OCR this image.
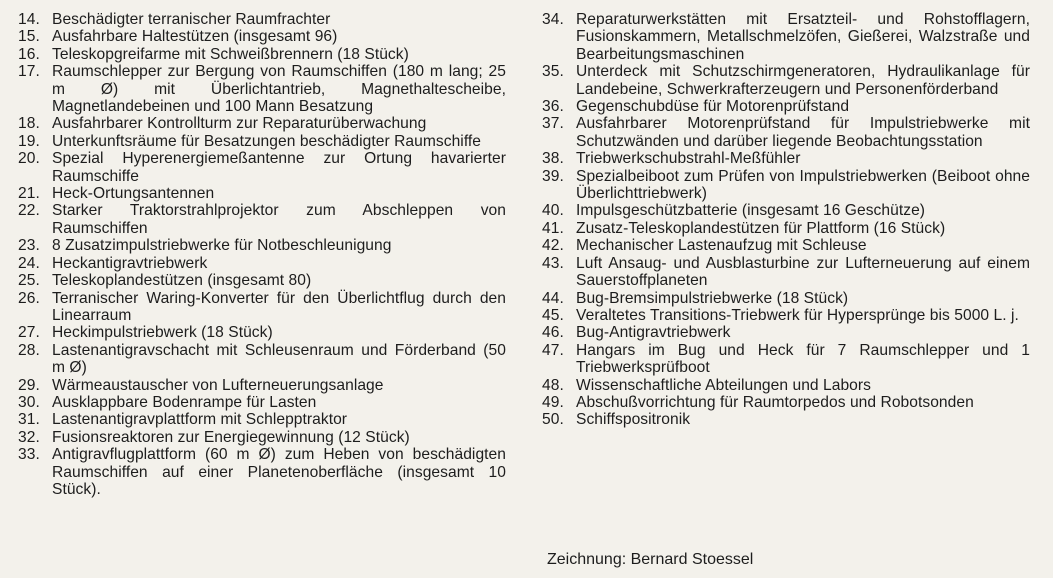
14. Beschädigter terranischer Raumfrachter
15. Ausfahrbare Haltestützen (insgesamt 96)
16. Teleskopgreifarme mit Schweißbrennern (18 Stück)
17. Raumschlepper zur Bergung von Raumschiffen (180 m lang; 25 m Ø) mit Überlichtantrieb, Magnethaltescheibe, Magnetlandebeinen und 100 Mann Besatzung
18. Ausfahrbarer Kontrollturm zur Reparaturüberwachung
19. Unterkunftsräume für Besatzungen beschädigter Raumschiffe
20. Spezial Hyperenergiemeßantenne zur Ortung havarierter Raumschiffe
21. Heck-Ortungsantennen
22. Starker Traktorstrahlprojektor zum Abschleppen von Raumschiffen
23. 8 Zusatzimpulstriebwerke für Notbeschleunigung
24. Heckantigravtriebwerk
25. Teleskoplandestützen (insgesamt 80)
26. Terranischer Waring-Konverter für den Überlichtflug durch den Linearraum
27. Heckimpulstriebwerk (18 Stück)
28. Lastenantigravschacht mit Schleusenraum und Förderband (50 m Ø)
29. Wärmeaustauscher von Lufterneuerungsanlage
30. Ausklappbare Bodenrampe für Lasten
31. Lastenantigravplattform mit Schlepptraktor
32. Fusionsreaktoren zur Energiegewinnung (12 Stück)
33. Antigravflugplattform (60 m Ø) zum Heben von beschädigten Raumschiffen auf einer Planetenoberfläche (insgesamt 10 Stück).
34. Reparaturwerkstätten mit Ersatzteil- und Rohstofflagern, Fusionskammern, Metallschmelzöfen, Gießerei, Walzstraße und Bearbeitungsmaschinen
35. Unterdeck mit Schutzschirmgeneratoren, Hydraulikanlage für Landebeine, Schwerkrafterzeugern und Personenförderband
36. Gegenschubdüse für Motorenprüfstand
37. Ausfahrbarer Motorenprüfstand für Impulstriebwerke mit Schutzwänden und darüber liegende Beobachtungsstation
38. Triebwerkschubstrahl-Meßfühler
39. Spezialbeiboot zum Prüfen von Impulstriebwerken (Beiboot ohne Überlichttriebwerk)
40. Impulsgeschützbatterie (insgesamt 16 Geschütze)
41. Zusatz-Teleskoplandestützen für Plattform (16 Stück)
42. Mechanischer Lastenaufzug mit Schleuse
43. Luft Ansaug- und Ausblasturbine zur Lufterneuerung auf einem Sauerstoffplaneten
44. Bug-Bremsimpulstriebwerke (18 Stück)
45. Veraltetes Transitions-Triebwerk für Hypersprünge bis 5000 L. j.
46. Bug-Antigravtriebwerk
47. Hangars im Bug und Heck für 7 Raumschlepper und 1 Triebwerksprüfboot
48. Wissenschaftliche Abteilungen und Labors
49. Abschußvorrichtung für Raumtorpedos und Robotsonden
50. Schiffspositronik
Zeichnung: Bernard Stoessel
